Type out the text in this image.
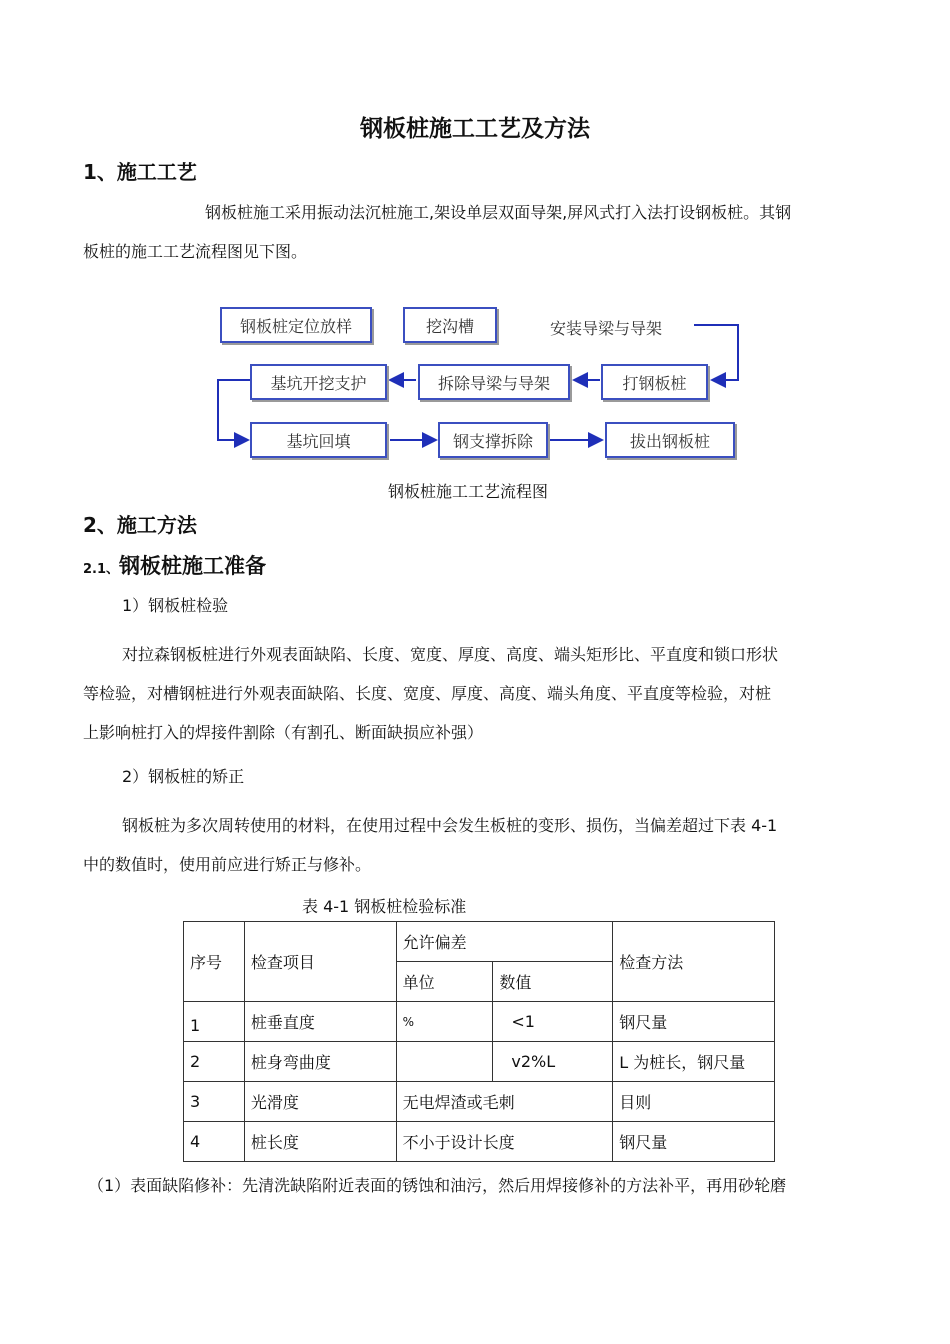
钢板桩施工工艺及方法
1、施工工艺
钢板桩施工采用振动法沉桩施工,架设单层双面导架,屏风式打入法打设钢板桩。其钢
板桩的施工工艺流程图见下图。
钢板桩定位放样	挖沟槽	安装导梁与导架
打钢板桩
拆除导梁与导架
基坑开挖支护
基坑回填	钢支撑拆除	拔出钢板桩
钢板桩施工工艺流程图
2、施工方法
2.1、钢板桩施工准备
1）钢板桩检验
对拉森钢板桩进行外观表面缺陷、长度、宽度、厚度、高度、端头矩形比、平直度和锁口形状
等检验，对槽钢桩进行外观表面缺陷、长度、宽度、厚度、高度、端头角度、平直度等检验，对桩
上影响桩打入的焊接件割除（有割孔、断面缺损应补强）
2）钢板桩的矫正
钢板桩为多次周转使用的材料，在使用过程中会发生板桩的变形、损伤，当偏差超过下表 4-1
中的数值时，使用前应进行矫正与修补。
表 4-1 钢板桩检验标准
序号	检查项目	允许偏差		检查方法
		单位	数值	
1	桩垂直度	%	<1	钢尺量
2	桩身弯曲度		v2%L	L 为桩长，钢尺量
3	光滑度	无电焊渣或毛刺		目则
4	桩长度	不小于设计长度		钢尺量
（1）表面缺陷修补：先清洗缺陷附近表面的锈蚀和油污，然后用焊接修补的方法补平，再用砂轮磨
